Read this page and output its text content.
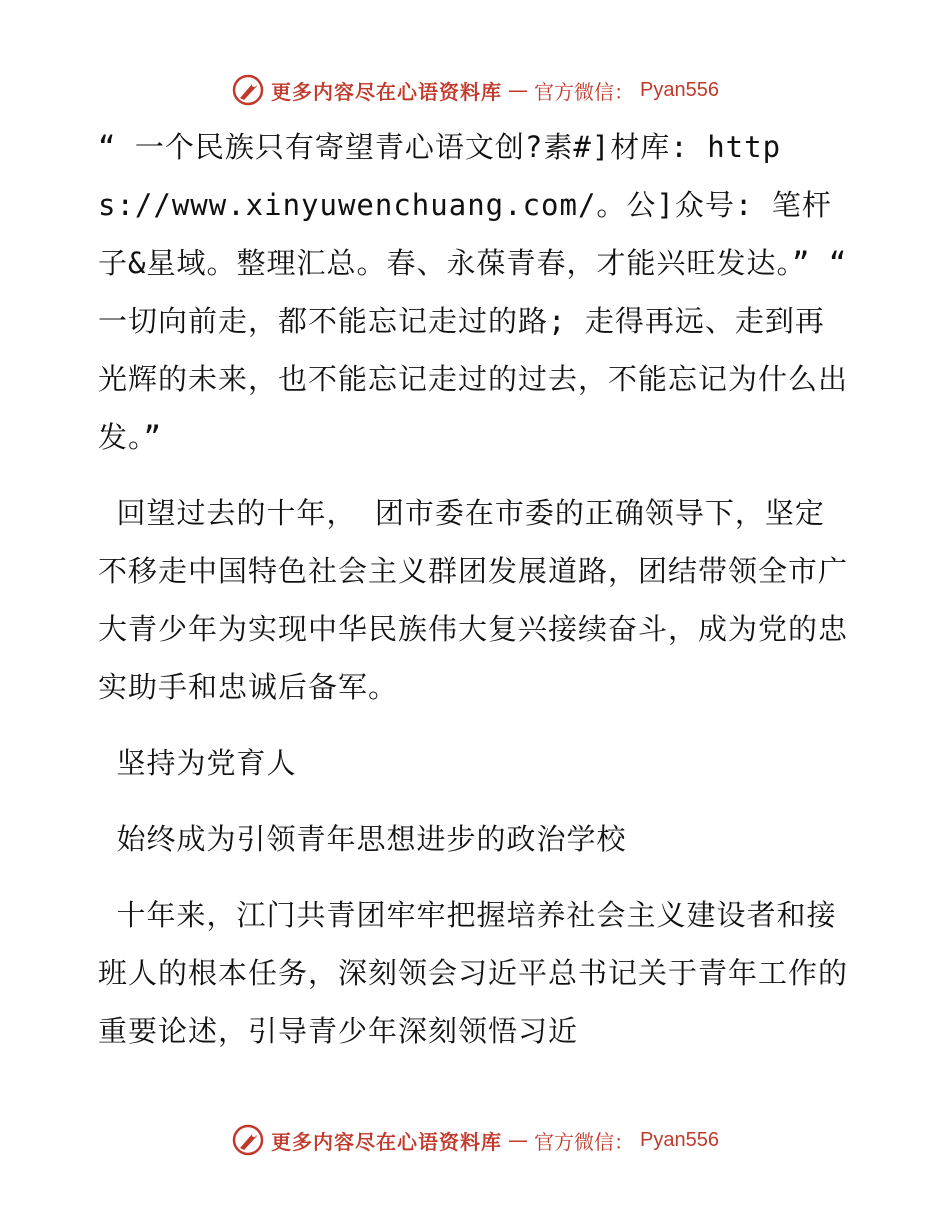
更多内容尽在心语资料库 — 官方微信： Pyan556

“ 一个民族只有寄望青心语文创?素#]材库: https://www.xinyuwenchuang.com/。公]众号: 笔杆子&星域。整理汇总。春、永葆青春，才能兴旺发达。” “ 一切向前走，都不能忘记走过的路; 走得再远、走到再光辉的未来，也不能忘记走过的过去，不能忘记为什么出发。”

回望过去的十年， 团市委在市委的正确领导下，坚定不移走中国特色社会主义群团发展道路，团结带领全市广大青少年为实现中华民族伟大复兴接续奋斗，成为党的忠实助手和忠诚后备军。

坚持为党育人

始终成为引领青年思想进步的政治学校

十年来，江门共青团牢牢把握培养社会主义建设者和接班人的根本任务，深刻领会习近平总书记关于青年工作的重要论述，引导青少年深刻领悟习近

更多内容尽在心语资料库 — 官方微信： Pyan556
